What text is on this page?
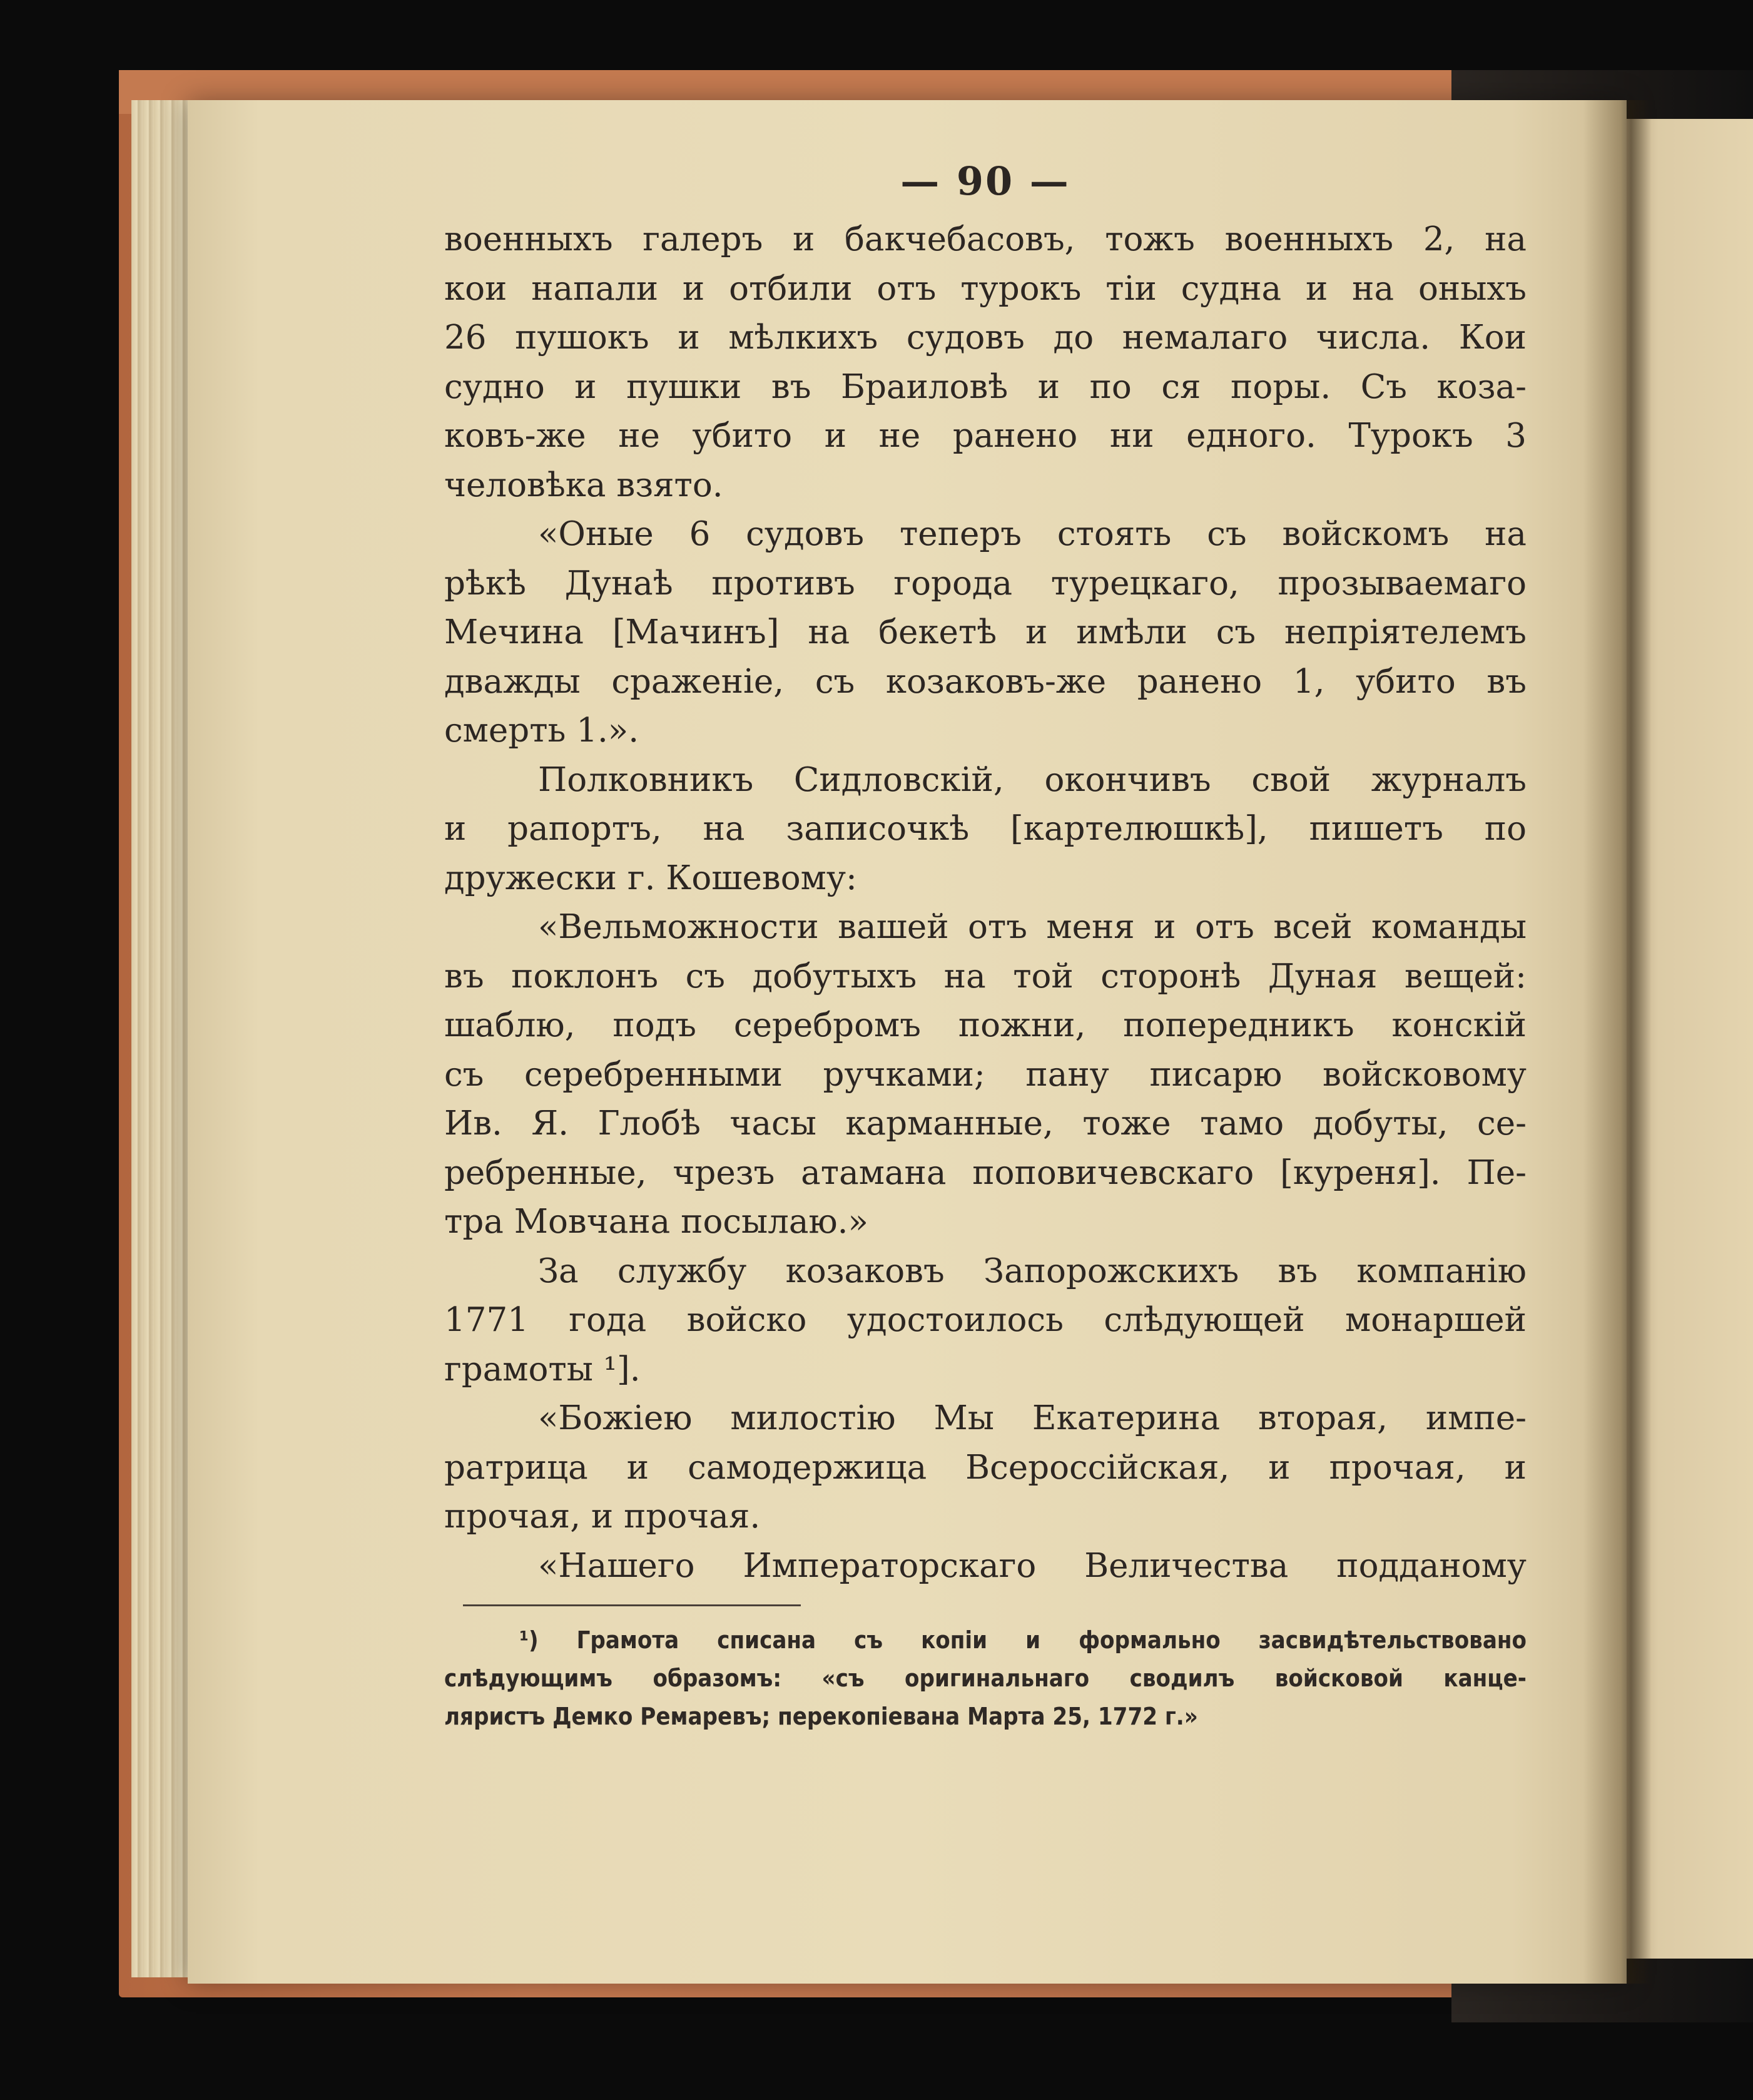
— 90 —
военныхъ галеръ и бакчебасовъ, тожъ военныхъ 2, на
кои напали и отбили отъ турокъ тіи судна и на оныхъ
26 пушокъ и мѣлкихъ судовъ до немалаго числа. Кои
судно и пушки въ Браиловѣ и по ся поры. Съ коза-
ковъ-же не убито и не ранено ни едного. Турокъ 3
человѣка взято.
«Оные 6 судовъ теперъ стоять съ войскомъ на
рѣкѣ Дунаѣ противъ города турецкаго, прозываемаго
Мечина [Мачинъ] на бекетѣ и имѣли съ непріятелемъ
дважды сраженіе, съ козаковъ-же ранено 1, убито въ
смерть 1.».
Полковникъ Сидловскій, окончивъ свой журналъ
и рапортъ, на записочкѣ [картелюшкѣ], пишетъ по
дружески г. Кошевому:
«Вельможности вашей отъ меня и отъ всей команды
въ поклонъ съ добутыхъ на той сторонѣ Дуная вещей:
шаблю, подъ серебромъ пожни, попередникъ конскій
съ серебренными ручками; пану писарю войсковому
Ив. Я. Глобѣ часы карманные, тоже тамо добуты, се-
ребренные, чрезъ атамана поповичевскаго [куреня]. Пе-
тра Мовчана посылаю.»
За службу козаковъ Запорожскихъ въ компанію
1771 года войско удостоилось слѣдующей монаршей
грамоты ¹].
«Божіею милостію Мы Екатерина вторая, импе-
ратрица и самодержица Всероссійская, и прочая, и
прочая, и прочая.
«Нашего Императорскаго Величества подданому
¹) Грамота списана съ копіи и формально засвидѣтельствовано
слѣдующимъ образомъ: «съ оригинальнаго сводилъ войсковой канце-
ляристъ Демко Ремаревъ; перекопіевана Марта 25, 1772 г.»
